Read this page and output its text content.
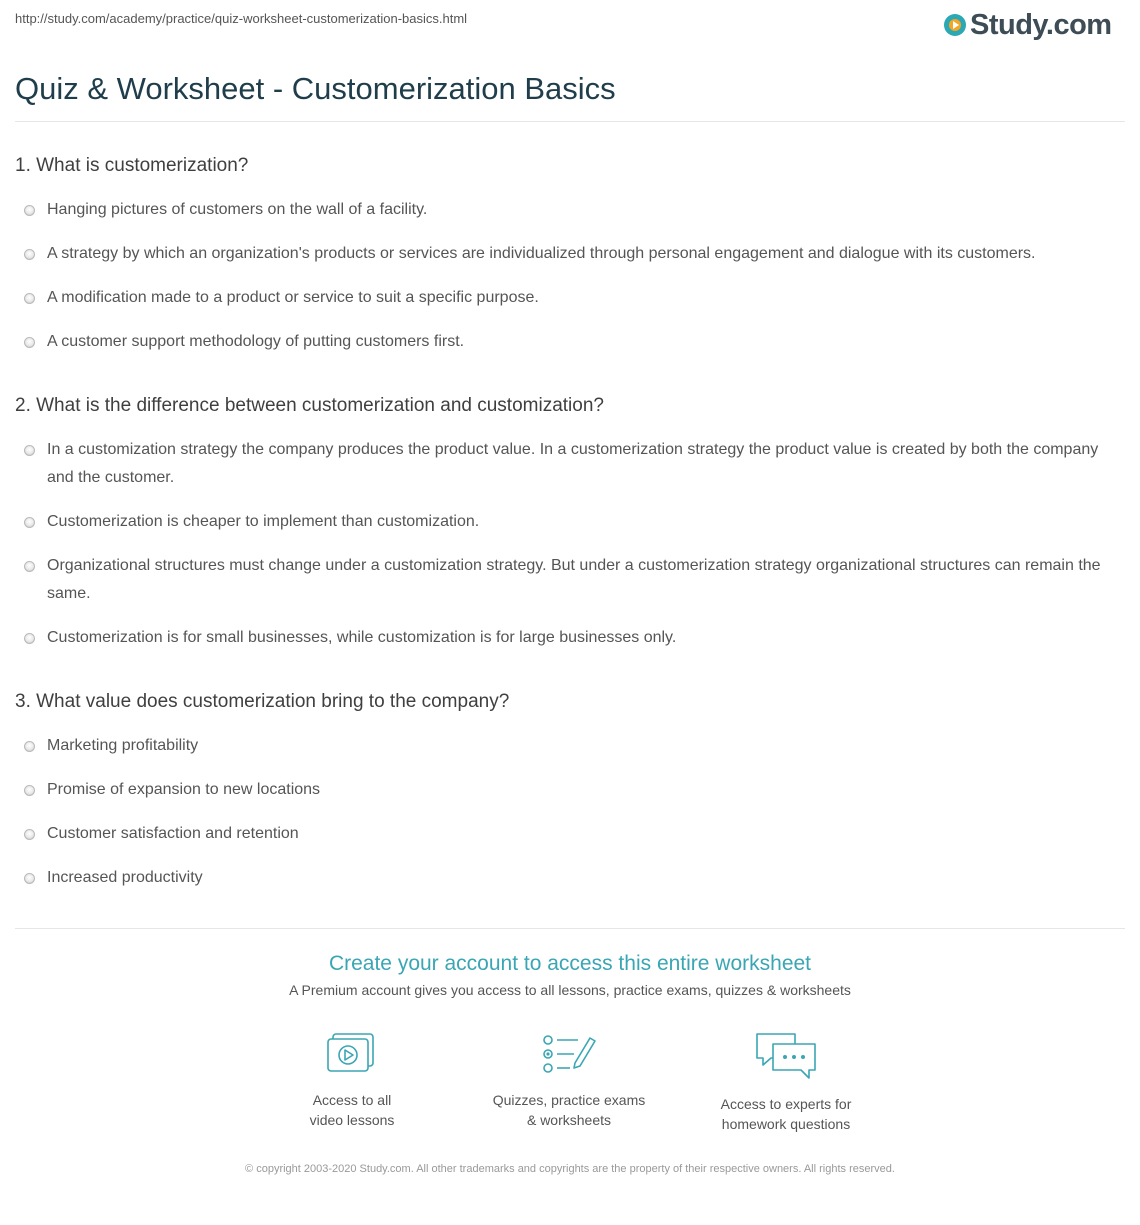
http://study.com/academy/practice/quiz-worksheet-customerization-basics.html	Study.com
Quiz & Worksheet - Customerization Basics
1. What is customerization?
Hanging pictures of customers on the wall of a facility.
A strategy by which an organization's products or services are individualized through personal engagement and dialogue with its customers.
A modification made to a product or service to suit a specific purpose.
A customer support methodology of putting customers first.
2. What is the difference between customerization and customization?
In a customization strategy the company produces the product value. In a customerization strategy the product value is created by both the company and the customer.
Customerization is cheaper to implement than customization.
Organizational structures must change under a customization strategy. But under a customerization strategy organizational structures can remain the same.
Customerization is for small businesses, while customization is for large businesses only.
3. What value does customerization bring to the company?
Marketing profitability
Promise of expansion to new locations
Customer satisfaction and retention
Increased productivity
Create your account to access this entire worksheet
A Premium account gives you access to all lessons, practice exams, quizzes & worksheets
Access to all
video lessons
Quizzes, practice exams
& worksheets
Access to experts for
homework questions
© copyright 2003-2020 Study.com. All other trademarks and copyrights are the property of their respective owners. All rights reserved.
